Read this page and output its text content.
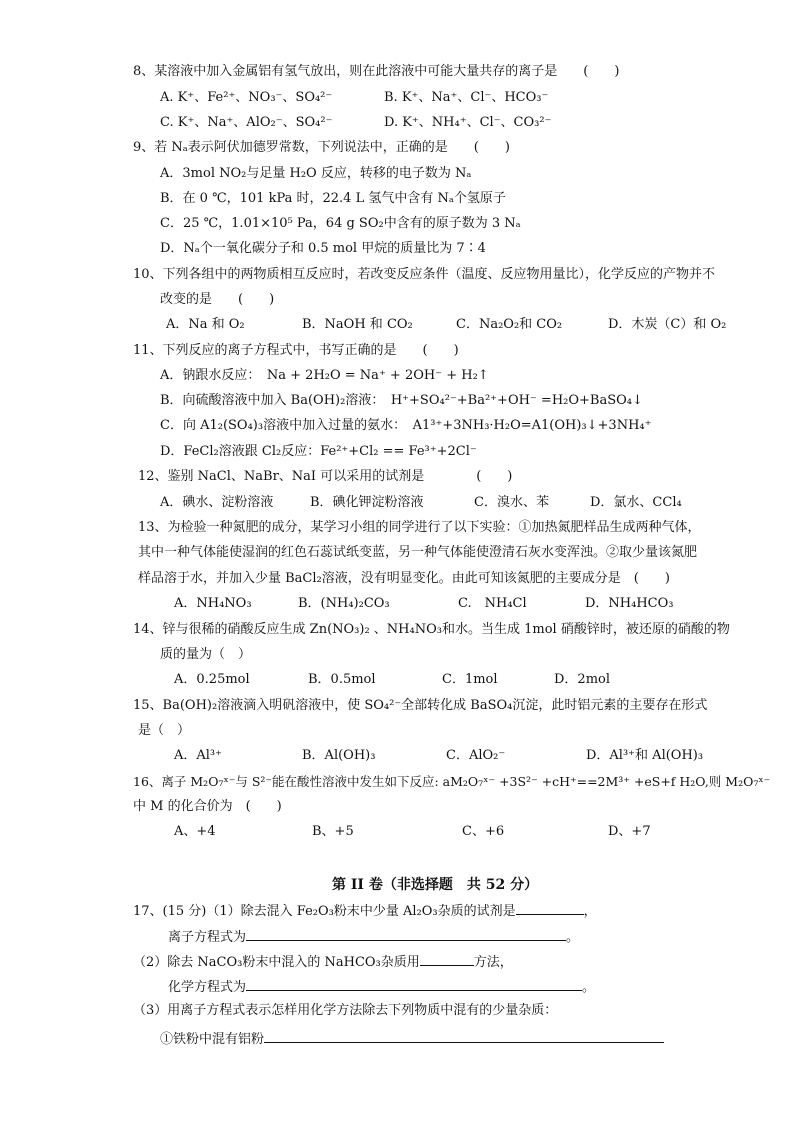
8、某溶液中加入金属铝有氢气放出，则在此溶液中可能大量共存的离子是　　(　　)
A. K⁺、Fe²⁺、NO₃⁻、SO₄²⁻	B. K⁺、Na⁺、Cl⁻、HCO₃⁻
C. K⁺、Na⁺、AlO₂⁻、SO₄²⁻	D. K⁺、NH₄⁺、Cl⁻、CO₃²⁻
9、若 Nₐ表示阿伏加德罗常数，下列说法中，正确的是　　(　　)
A．3mol NO₂与足量 H₂O 反应，转移的电子数为 Nₐ
B．在 0 ℃，101 kPa 时，22.4 L 氢气中含有 Nₐ个氢原子
C．25 ℃，1.01×10⁵ Pa，64 g SO₂中含有的原子数为 3 Nₐ
D．Nₐ个一氧化碳分子和 0.5 mol 甲烷的质量比为 7∶4
10、下列各组中的两物质相互反应时，若改变反应条件（温度、反应物用量比），化学反应的产物并不
改变的是　　(　　)
A．Na 和 O₂	B．NaOH 和 CO₂	C．Na₂O₂和 CO₂	D．木炭（C）和 O₂
11、下列反应的离子方程式中，书写正确的是　　(　　)
A．钠跟水反应：　Na + 2H₂O = Na⁺ + 2OH⁻ + H₂↑
B．向硫酸溶液中加入 Ba(OH)₂溶液：　H⁺+SO₄²⁻+Ba²⁺+OH⁻ =H₂O+BaSO₄↓
C．向 A1₂(SO₄)₃溶液中加入过量的氨水：　A1³⁺+3NH₃·H₂O=A1(OH)₃↓+3NH₄⁺
D．FeCl₂溶液跟 Cl₂反应：Fe²⁺+Cl₂ == Fe³⁺+2Cl⁻
12、鉴别 NaCl、NaBr、NaI 可以采用的试剂是　　　　(　　)
A．碘水、淀粉溶液	B．碘化钾淀粉溶液	C．溴水、苯	D．氯水、CCl₄
13、为检验一种氮肥的成分，某学习小组的同学进行了以下实验：①加热氮肥样品生成两种气体，
其中一种气体能使湿润的红色石蕊试纸变蓝，另一种气体能使澄清石灰水变浑浊。②取少量该氮肥
样品溶于水，并加入少量 BaCl₂溶液，没有明显变化。由此可知该氮肥的主要成分是　(　　)
A．NH₄NO₃	B．(NH₄)₂CO₃	C.　NH₄Cl	D．NH₄HCO₃
14、锌与很稀的硝酸反应生成 Zn(NO₃)₂ 、NH₄NO₃和水。当生成 1mol 硝酸锌时，被还原的硝酸的物
质的量为（　）
A．0.25mol	B．0.5mol	C．1mol	D．2mol
15、Ba(OH)₂溶液滴入明矾溶液中，使 SO₄²⁻全部转化成 BaSO₄沉淀，此时铝元素的主要存在形式
是（　）
A．Al³⁺	B．Al(OH)₃	C．AlO₂⁻	D．Al³⁺和 Al(OH)₃
16、离子 M₂O₇ˣ⁻与 S²⁻能在酸性溶液中发生如下反应: aM₂O₇ˣ⁻ +3S²⁻ +cH⁺==2M³⁺ +eS+f H₂O,则 M₂O₇ˣ⁻
中 M 的化合价为　(　　)
A、+4	B、+5	C、+6	D、+7
第 II 卷（非选择题　共 52 分）
17、(15 分)（1）除去混入 Fe₂O₃粉末中少量 Al₂O₃杂质的试剂是	，
离子方程式为	。
（2）除去 NaCO₃粉末中混入的 NaHCO₃杂质用	方法，
化学方程式为	。
（3）用离子方程式表示怎样用化学方法除去下列物质中混有的少量杂质：
①铁粉中混有铝粉
